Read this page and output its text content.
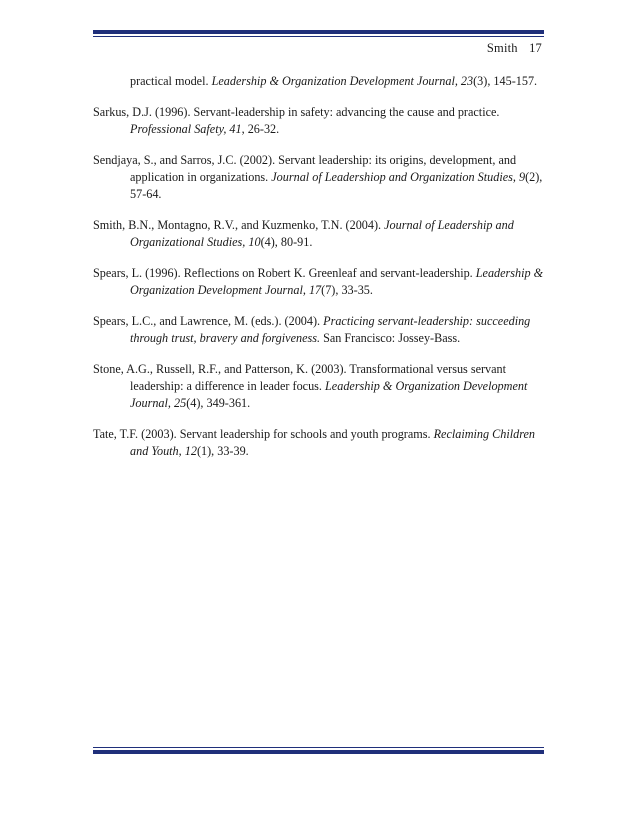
Smith 17

practical model. Leadership & Organization Development Journal, 23(3), 145-157.

Sarkus, D.J. (1996). Servant-leadership in safety: advancing the cause and practice. Professional Safety, 41, 26-32.

Sendjaya, S., and Sarros, J.C. (2002). Servant leadership: its origins, development, and application in organizations. Journal of Leadershiop and Organization Studies, 9(2), 57-64.

Smith, B.N., Montagno, R.V., and Kuzmenko, T.N. (2004). Journal of Leadership and Organizational Studies, 10(4), 80-91.

Spears, L. (1996). Reflections on Robert K. Greenleaf and servant-leadership. Leadership & Organization Development Journal, 17(7), 33-35.

Spears, L.C., and Lawrence, M. (eds.). (2004). Practicing servant-leadership: succeeding through trust, bravery and forgiveness. San Francisco: Jossey-Bass.

Stone, A.G., Russell, R.F., and Patterson, K. (2003). Transformational versus servant leadership: a difference in leader focus. Leadership & Organization Development Journal, 25(4), 349-361.

Tate, T.F. (2003). Servant leadership for schools and youth programs. Reclaiming Children and Youth, 12(1), 33-39.
